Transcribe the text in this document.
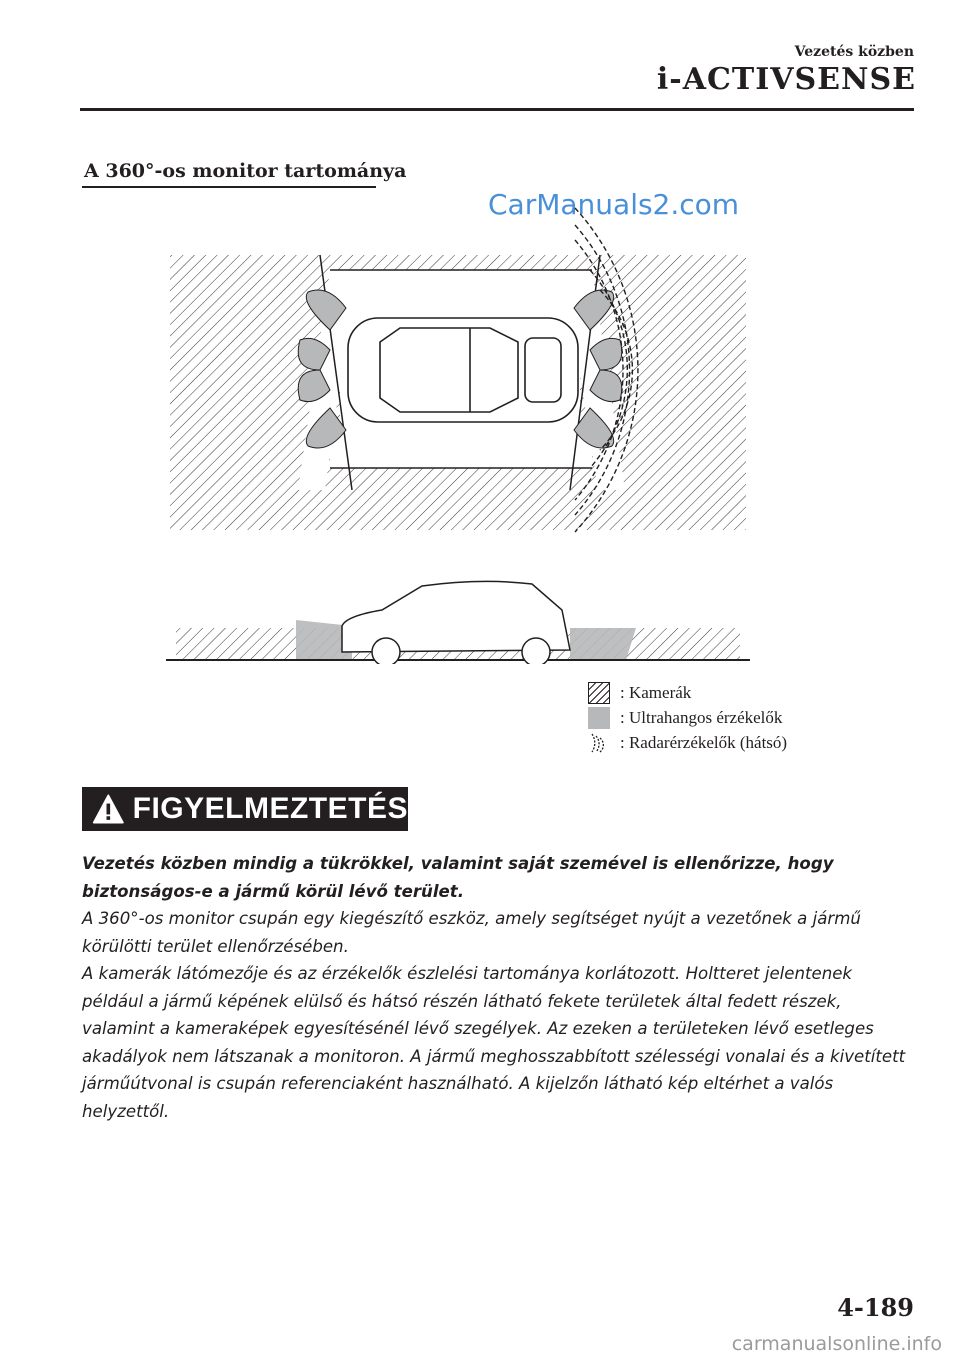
Vezetés közben
i-ACTIVSENSE
A 360°-os monitor tartománya
CarManuals2.com
: Kamerák
: Ultrahangos érzékelők
: Radarérzékelők (hátsó)
FIGYELMEZTETÉS

Vezetés közben mindig a tükrökkel, valamint saját szemével is ellenőrizze, hogy biztonságos-e a jármű körül lévő terület.

A 360°-os monitor csupán egy kiegészítő eszköz, amely segítséget nyújt a vezetőnek a jármű körülötti terület ellenőrzésében.

A kamerák látómezője és az érzékelők észlelési tartománya korlátozott. Holtteret jelentenek például a jármű képének elülső és hátsó részén látható fekete területek által fedett részek, valamint a kameraképek egyesítésénél lévő szegélyek. Az ezeken a területeken lévő esetleges akadályok nem látszanak a monitoron. A jármű meghosszabbított szélességi vonalai és a kivetített járműútvonal is csupán referenciaként használható. A kijelzőn látható kép eltérhet a valós helyzettől.

4-189
carmanualsonline.info
